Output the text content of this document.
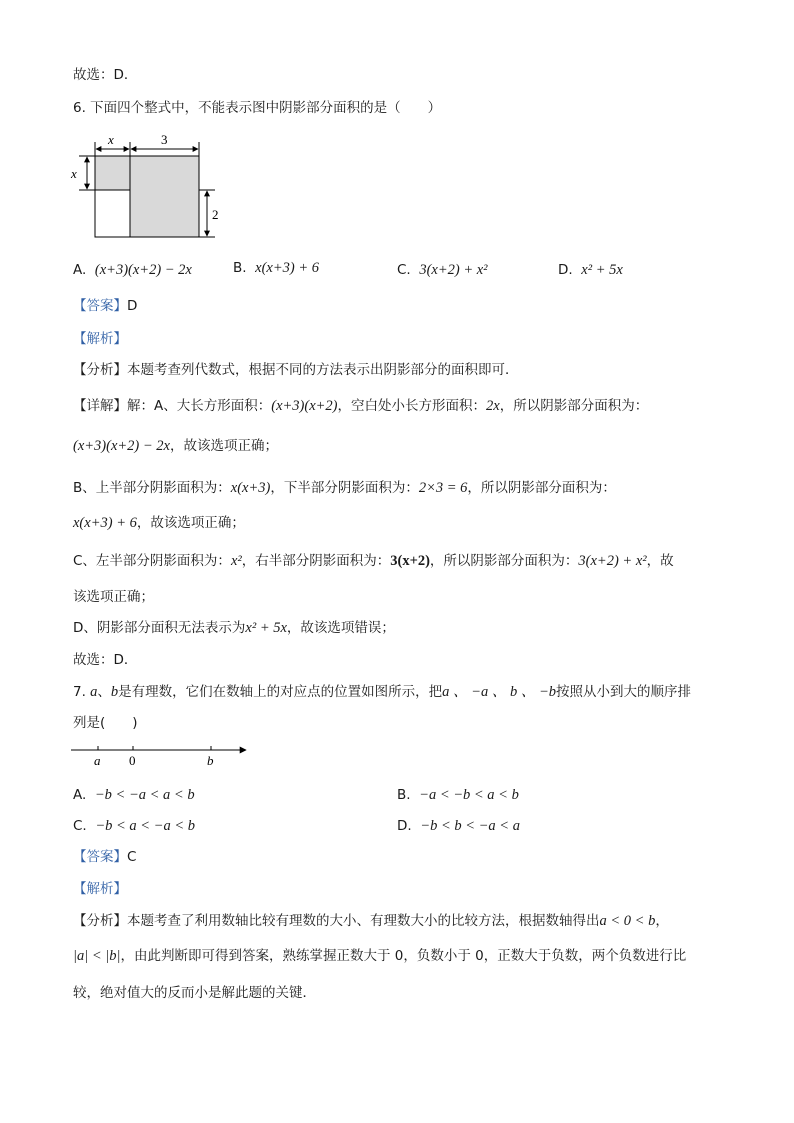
故选：D．
6. 下面四个整式中，不能表示图中阴影部分面积的是（　　）
x	3
x
2
A. (x+3)(x+2) − 2x	B. x(x+3) + 6	C. 3(x+2) + x²	D. x² + 5x
【答案】D
【解析】
【分析】本题考查列代数式，根据不同的方法表示出阴影部分的面积即可．
【详解】解：A、大长方形面积：(x+3)(x+2)，空白处小长方形面积：2x，所以阴影部分面积为：
(x+3)(x+2) − 2x，故该选项正确；
B、上半部分阴影面积为：x(x+3)，下半部分阴影面积为：2×3 = 6，所以阴影部分面积为：
x(x+3) + 6，故该选项正确；
C、左半部分阴影面积为：x²，右半部分阴影面积为：3(x+2)，所以阴影部分面积为：3(x+2) + x²，故
该选项正确；
D、阴影部分面积无法表示为x² + 5x，故该选项错误；
故选：D．
7. a、b是有理数，它们在数轴上的对应点的位置如图所示，把a 、 −a 、 b 、 −b按照从小到大的顺序排
列是(　　)
a 0	b
A. −b < −a < a < b	B. −a < −b < a < b
C. −b < a < −a < b	D. −b < b < −a < a
【答案】C
【解析】
【分析】本题考查了利用数轴比较有理数的大小、有理数大小的比较方法，根据数轴得出a < 0 < b，
|a| < |b|，由此判断即可得到答案，熟练掌握正数大于 0，负数小于 0，正数大于负数，两个负数进行比
较，绝对值大的反而小是解此题的关键．
